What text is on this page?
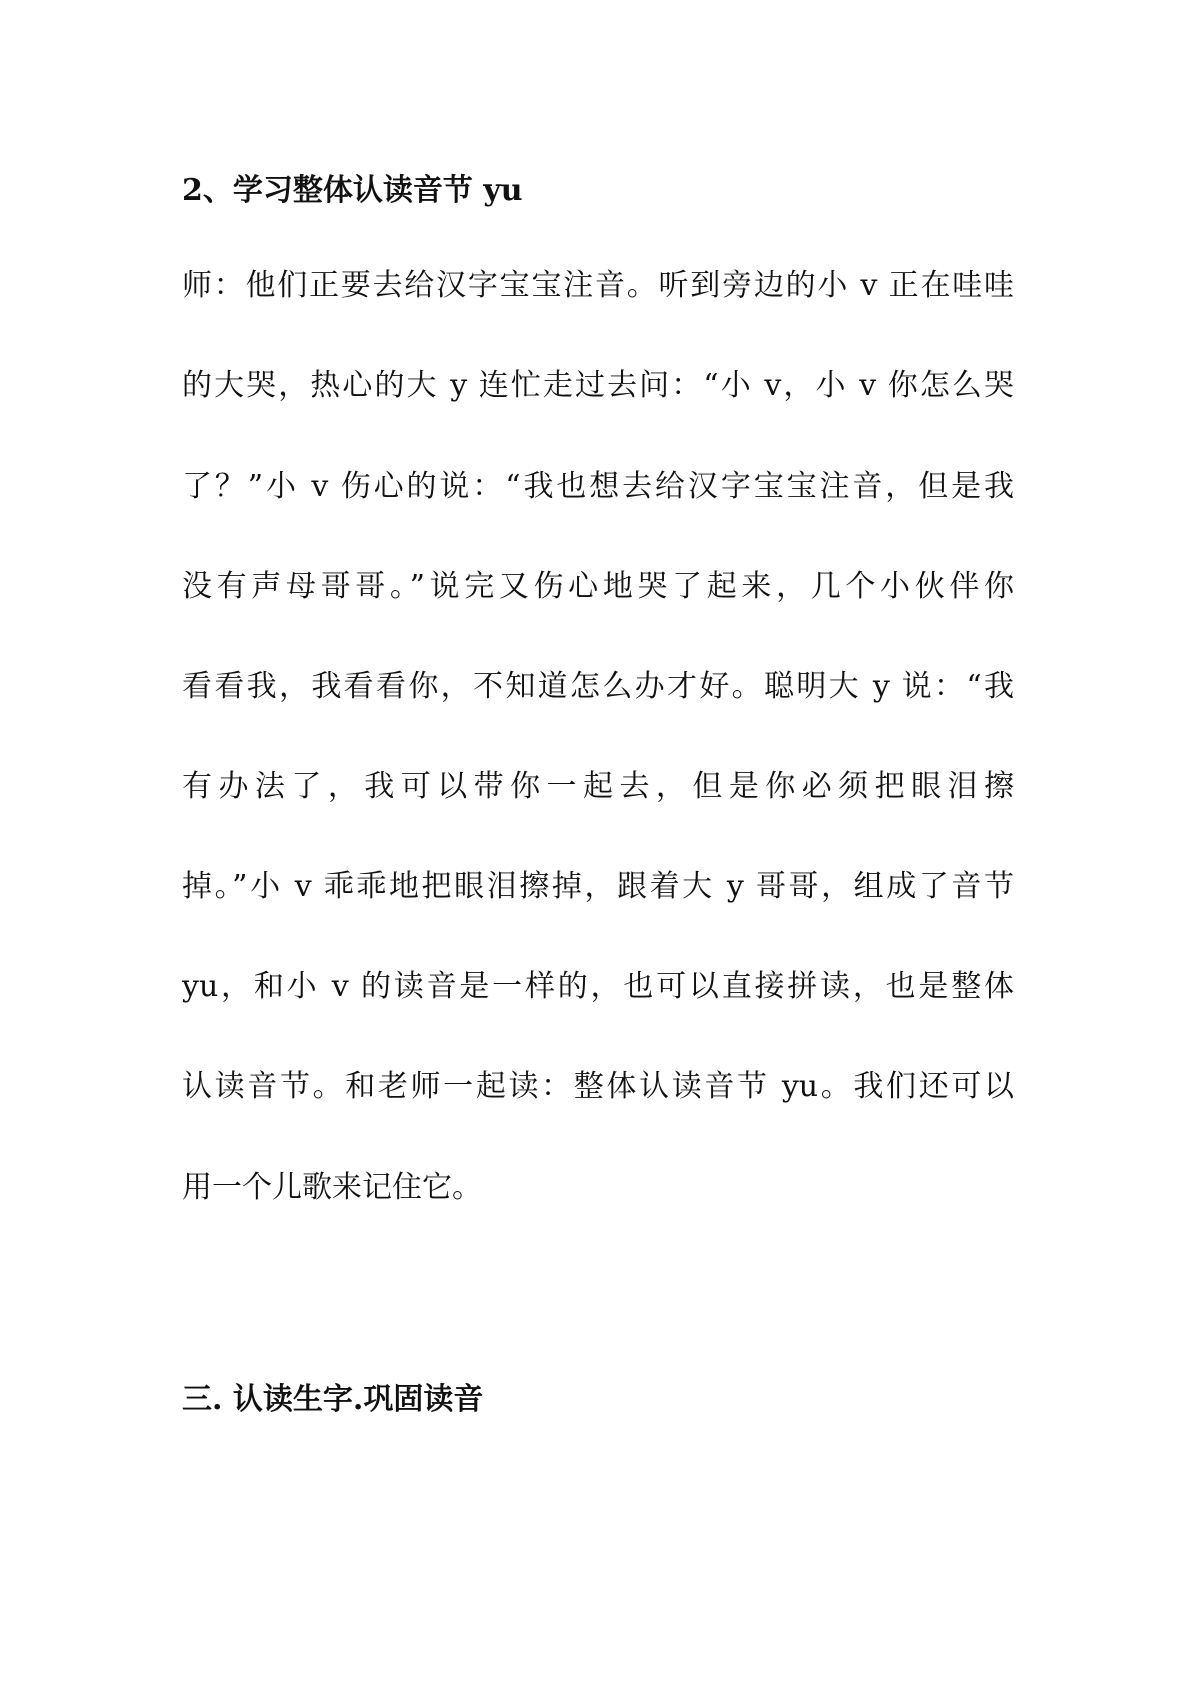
2、学习整体认读音节 yu
师：他们正要去给汉字宝宝注音。听到旁边的小 v 正在哇哇
的大哭，热心的大 y 连忙走过去问：“小 v，小 v 你怎么哭
了？”小 v 伤心的说：“我也想去给汉字宝宝注音，但是我
没有声母哥哥。”说完又伤心地哭了起来，几个小伙伴你
看看我，我看看你，不知道怎么办才好。聪明大 y 说：“我
有办法了，我可以带你一起去，但是你必须把眼泪擦
掉。”小 v 乖乖地把眼泪擦掉，跟着大 y 哥哥，组成了音节
yu，和小 v 的读音是一样的，也可以直接拼读，也是整体
认读音节。和老师一起读：整体认读音节 yu。我们还可以
用一个儿歌来记住它。
三. 认读生字.巩固读音
